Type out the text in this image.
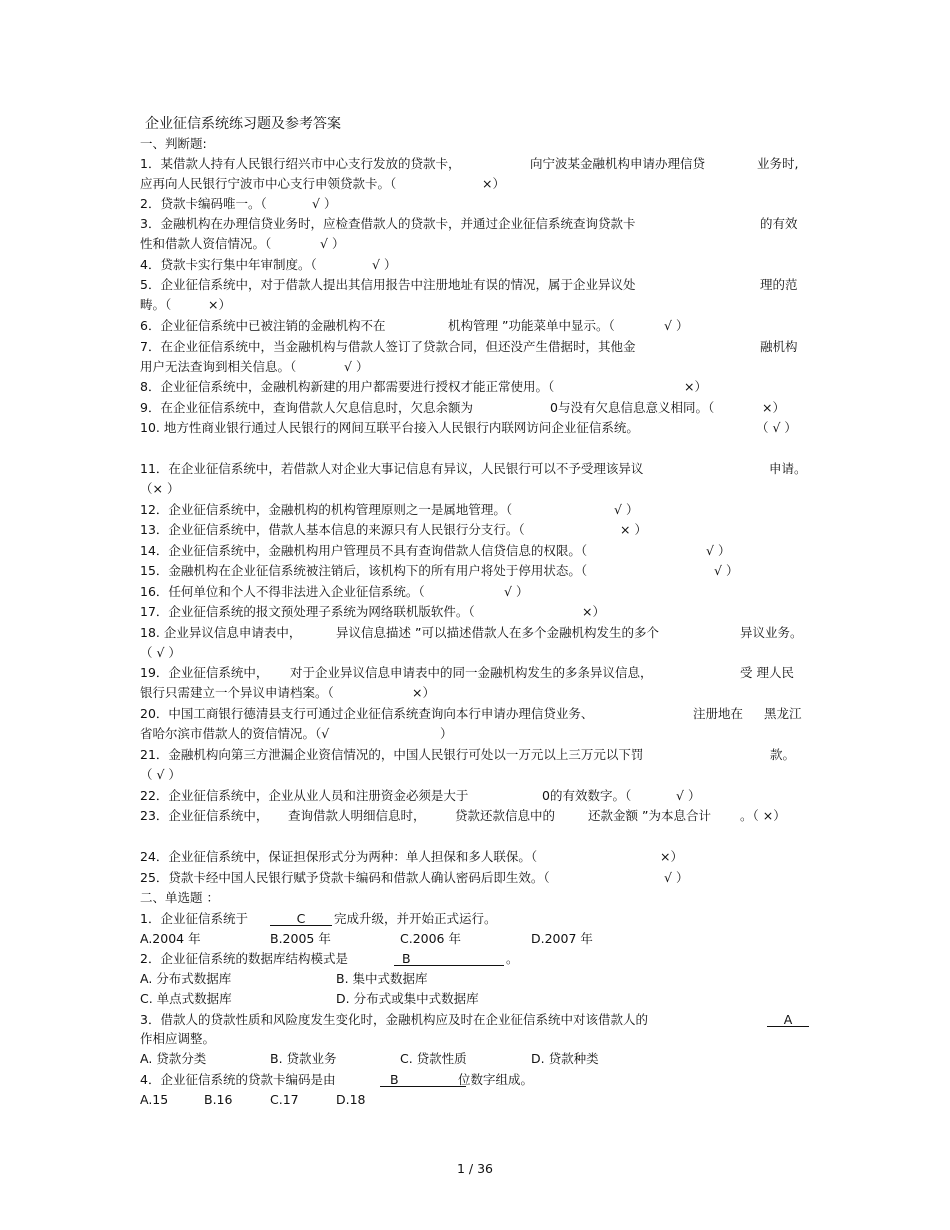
企业征信系统练习题及参考答案
一、判断题:
1．某借款人持有人民银行绍兴市中心支行发放的贷款卡，	向宁波某金融机构申请办理信贷	业务时,
应再向人民银行宁波市中心支行申领贷款卡。（	×）
2．贷款卡编码唯一。（	√ ）
3．金融机构在办理信贷业务时，应检查借款人的贷款卡，并通过企业征信系统查询贷款卡	的有效
性和借款人资信情况。（	√ ）
4．贷款卡实行集中年审制度。（	√ ）
5．企业征信系统中，对于借款人提出其信用报告中注册地址有误的情况，属于企业异议处	理的范
畴。（	×）
6．企业征信系统中已被注销的金融机构不在	机构管理 ”功能菜单中显示。（	√ ）
7．在企业征信系统中，当金融机构与借款人签订了贷款合同，但还没产生借据时，其他金	融机构
用户无法查询到相关信息。（	√ ）
8．企业征信系统中，金融机构新建的用户都需要进行授权才能正常使用。（	×）
9．在企业征信系统中，查询借款人欠息信息时，欠息余额为	0与没有欠息信息意义相同。（	×）
10. 地方性商业银行通过人民银行的网间互联平台接入人民银行内联网访问企业征信系统。	（ √ ）
11．在企业征信系统中，若借款人对企业大事记信息有异议，人民银行可以不予受理该异议	申请。
（× ）
12．企业征信系统中，金融机构的机构管理原则之一是属地管理。（	√ ）
13．企业征信系统中，借款人基本信息的来源只有人民银行分支行。（	× ）
14．企业征信系统中，金融机构用户管理员不具有查询借款人信贷信息的权限。（	√ ）
15．金融机构在企业征信系统被注销后，该机构下的所有用户将处于停用状态。（	√ ）
16．任何单位和个人不得非法进入企业征信系统。（	√ ）
17．企业征信系统的报文预处理子系统为网络联机版软件。（	×）
18. 企业异议信息申请表中，	异议信息描述 ”可以描述借款人在多个金融机构发生的多个	异议业务。
（ √ ）
19．企业征信系统中， 对于企业异议信息申请表中的同一金融机构发生的多条异议信息，	受 理人民
银行只需建立一个异议申请档案。（	×）
20．中国工商银行德清县支行可通过企业征信系统查询向本行申请办理信贷业务、	注册地在 黑龙江
省哈尔滨市借款人的资信情况。（√	）
21．金融机构向第三方泄漏企业资信情况的，中国人民银行可处以一万元以上三万元以下罚	款。
（ √ ）
22．企业征信系统中，企业从业人员和注册资金必须是大于	0的有效数字。（	√ ）
23．企业征信系统中， 查询借款人明细信息时， 贷款还款信息中的	还款金额 ”为本息合计 。（ ×）
24．企业征信系统中，保证担保形式分为两种：单人担保和多人联保。（	×）
25．贷款卡经中国人民银行赋予贷款卡编码和借款人确认密码后即生效。（	√ ）
二、单选题 ：
1．企业征信系统于	C	完成升级，并开始正式运行。
A.2004 年	B.2005 年	C.2006 年	D.2007 年
2．企业征信系统的数据库结构模式是	B	。
A. 分布式数据库	B. 集中式数据库
C. 单点式数据库	D. 分布式或集中式数据库
3．借款人的贷款性质和风险度发生变化时，金融机构应及时在企业征信系统中对该借款人的	A
作相应调整。
A. 贷款分类	B. 贷款业务	C. 贷款性质	D. 贷款种类
4．企业征信系统的贷款卡编码是由	B	位数字组成。
A.15	B.16	C.17	D.18
1 / 36
